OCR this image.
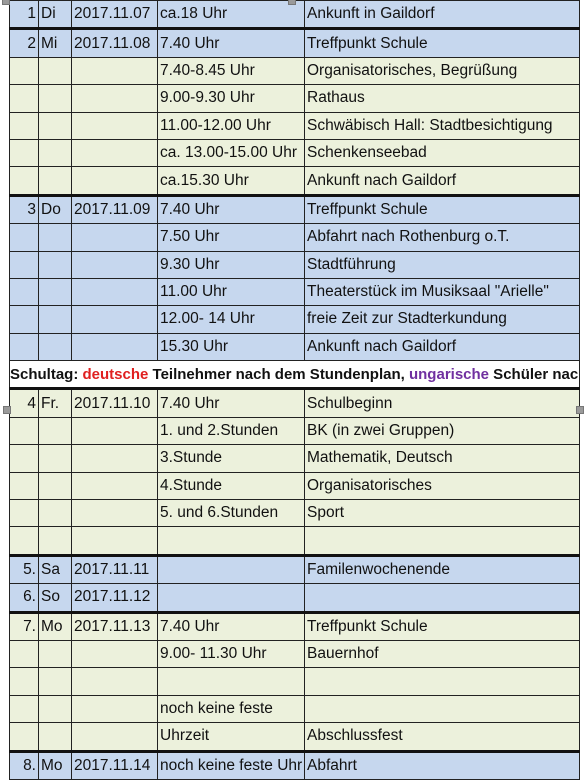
1	Di	2017.11.07	ca.18 Uhr	Ankunft in Gaildorf
2	Mi	2017.11.08	7.40 Uhr	Treffpunkt Schule
			7.40-8.45 Uhr	Organisatorisches, Begrüßung
			9.00-9.30 Uhr	Rathaus
			11.00-12.00 Uhr	Schwäbisch Hall: Stadtbesichtigung
			ca. 13.00-15.00 Uhr	Schenkenseebad
			ca.15.30 Uhr	Ankunft nach Gaildorf
3	Do	2017.11.09	7.40 Uhr	Treffpunkt Schule
			7.50 Uhr	Abfahrt nach Rothenburg o.T.
			9.30 Uhr	Stadtführung
			11.00 Uhr	Theaterstück im Musiksaal "Arielle"
			12.00- 14 Uhr	freie Zeit zur Stadterkundung
			15.30 Uhr	Ankunft nach Gaildorf
Schultag: deutsche Teilnehmer nach dem Stundenplan, ungarische Schüler nac				
4	Fr.	2017.11.10	7.40 Uhr	Schulbeginn
			1. und 2.Stunden	BK (in zwei Gruppen)
			3.Stunde	Mathematik, Deutsch
			4.Stunde	Organisatorisches
			5. und 6.Stunden	Sport

5.	Sa	2017.11.11		Familenwochenende
6.	So	2017.11.12		
7.	Mo	2017.11.13	7.40 Uhr	Treffpunkt Schule
			9.00- 11.30 Uhr	Bauernhof

			noch keine feste	
			Uhrzeit	Abschlussfest
8.	Mo	2017.11.14	noch keine feste Uhr	Abfahrt
